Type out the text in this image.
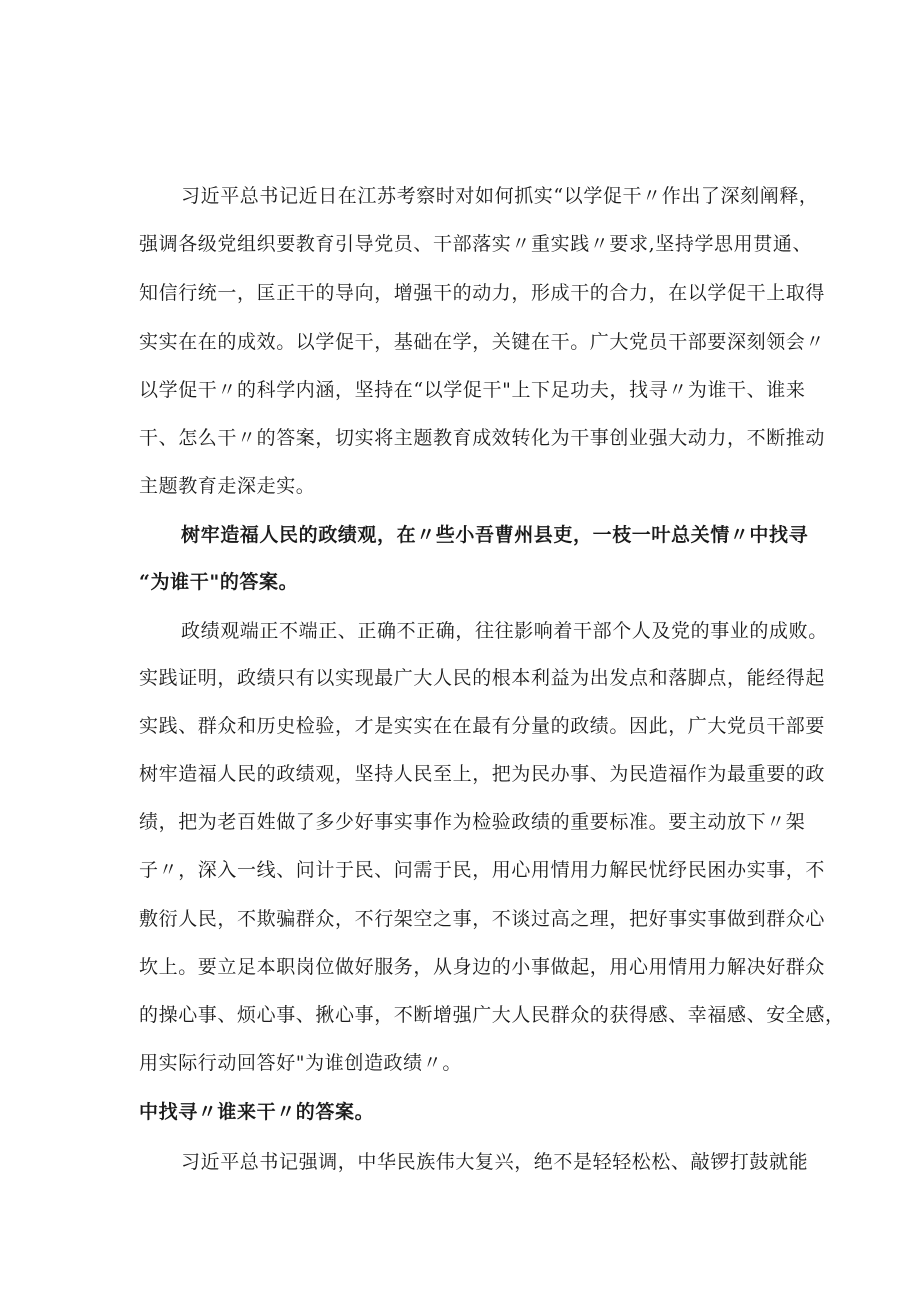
习近平总书记近日在江苏考察时对如何抓实“以学促干〃作出了深刻阐释，
强调各级党组织要教育引导党员、干部落实〃重实践〃要求,坚持学思用贯通、
知信行统一，匡正干的导向，增强干的动力，形成干的合力，在以学促干上取得
实实在在的成效。以学促干，基础在学，关键在干。广大党员干部要深刻领会〃
以学促干〃的科学内涵，坚持在“以学促干"上下足功夫，找寻〃为谁干、谁来
干、怎么干〃的答案，切实将主题教育成效转化为干事创业强大动力，不断推动
主题教育走深走实。
树牢造福人民的政绩观，在〃些小吾曹州县吏，一枝一叶总关情〃中找寻
“为谁干"的答案。
政绩观端正不端正、正确不正确，往往影响着干部个人及党的事业的成败。
实践证明，政绩只有以实现最广大人民的根本利益为出发点和落脚点，能经得起
实践、群众和历史检验，才是实实在在最有分量的政绩。因此，广大党员干部要
树牢造福人民的政绩观，坚持人民至上，把为民办事、为民造福作为最重要的政
绩，把为老百姓做了多少好事实事作为检验政绩的重要标准。要主动放下〃架
子〃，深入一线、问计于民、问需于民，用心用情用力解民忧纾民困办实事，不
敷衍人民，不欺骗群众，不行架空之事，不谈过高之理，把好事实事做到群众心
坎上。要立足本职岗位做好服务，从身边的小事做起，用心用情用力解决好群众
的操心事、烦心事、揪心事，不断增强广大人民群众的获得感、幸福感、安全感，
用实际行动回答好"为谁创造政绩〃。
中找寻〃谁来干〃的答案。
习近平总书记强调，中华民族伟大复兴，绝不是轻轻松松、敲锣打鼓就能
